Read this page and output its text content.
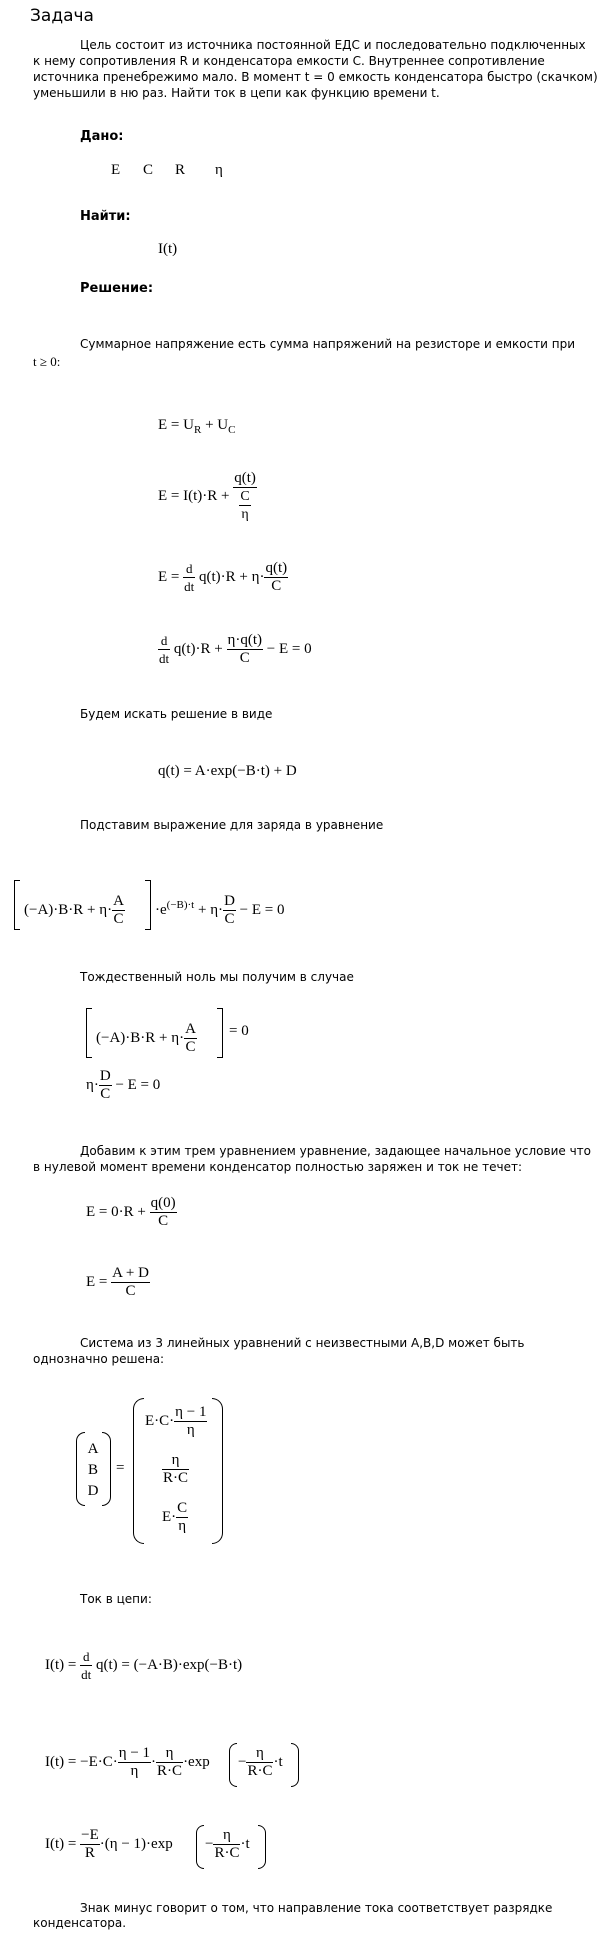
Задача
Цель состоит из источника постоянной ЕДС и последовательно подключенных
к нему сопротивления R и конденсатора емкости C. Внутреннее сопротивление
источника пренебрежимо мало. В момент t = 0 емкость конденсатора быстро (скачком)
уменьшили в ню раз. Найти ток в цепи как функцию времени t.
Дано:
E C R η
Найти:
I(t)
Решение:
Суммарное напряжение есть сумма напряжений на резисторе и емкости при
t ≥ 0:
$E = U_R + U_C$
$E = I(t)\cdot R + \frac{q(t)}{\frac{C}{\eta}}$
$E = \frac{d}{dt} q(t)\cdot R + \eta\cdot \frac{q(t)}{C}$
$\frac{d}{dt} q(t)\cdot R + \frac{\eta\cdot q(t)}{C} - E = 0$
Будем искать решение в виде
q(t) = A·exp(−B·t) + D
Подставим выражение для заряда в уравнение
$(-A)\cdot B\cdot R + \eta\cdot \frac{A}{C} \cdot e^{(-B)\cdot t} + \eta\cdot \frac{D}{C} - E = 0$
Тождественный ноль мы получим в случае
$(-A)\cdot B\cdot R + \eta\cdot \frac{A}{C} = 0$
$\eta\cdot \frac{D}{C} - E = 0$
Добавим к этим трем уравнением уравнение, задающее начальное условие что
в нулевой момент времени конденсатор полностью заряжен и ток не течет:
$E = 0\cdot R + \frac{q(0)}{C}$
$E = \frac{A + D}{C}$
Система из 3 линейных уравнений с неизвестными A,B,D может быть
однозначно решена:
A
B
D
=
$E\cdot C\cdot \frac{\eta - 1}{\eta}$
$\frac{\eta}{R\cdot C}$
$E\cdot \frac{C}{\eta}$
Ток в цепи:
$I(t) = \frac{d}{dt} q(t) = (-A\cdot B)\cdot\exp(-B\cdot t)$
$I(t) = -E\cdot C\cdot \frac{\eta - 1}{\eta} \cdot \frac{\eta}{R\cdot C} \cdot\exp - \frac{\eta}{R\cdot C} \cdot t$
$I(t) = \frac{-E}{R} \cdot(\eta - 1)\cdot\exp - \frac{\eta}{R\cdot C} \cdot t$
Знак минус говорит о том, что направление тока соответствует разрядке
конденсатора.
